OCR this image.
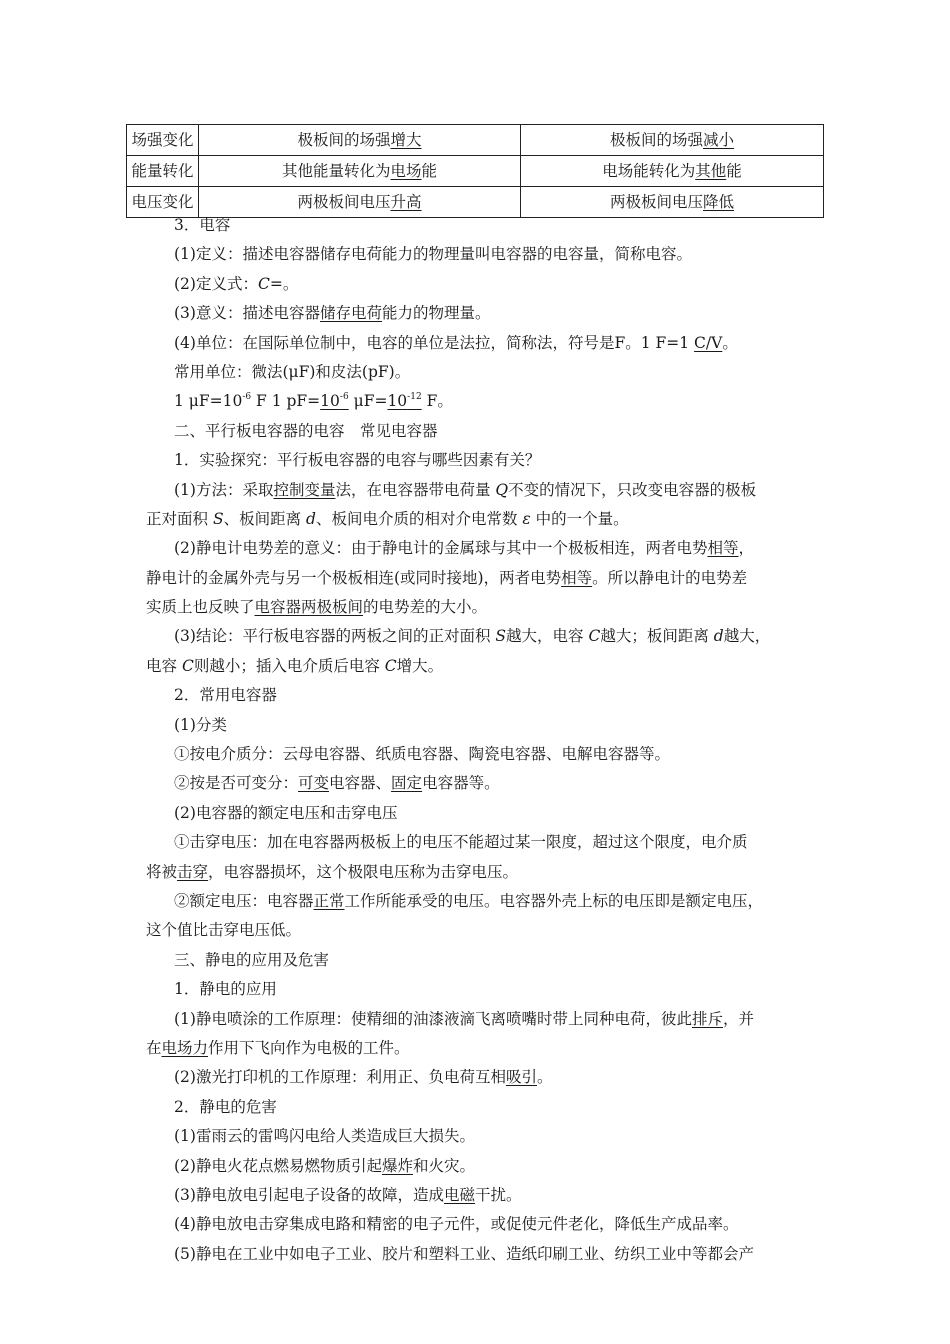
场强变化	极板间的场强增大	极板间的场强减小
能量转化	其他能量转化为电场能	电场能转化为其他能
电压变化	两极板间电压升高	两极板间电压降低
3．电容
(1)定义：描述电容器储存电荷能力的物理量叫电容器的电容量，简称电容。
(2)定义式：C=。
(3)意义：描述电容器储存电荷能力的物理量。
(4)单位：在国际单位制中，电容的单位是法拉，简称法，符号是F。1 F=1 C/V。
常用单位：微法(μF)和皮法(pF)。
1 $\mu F=10^{-6}$ F 1 $pF=10^{-6}$ $\mu F=10^{-12}$ F。
二、平行板电容器的电容　常见电容器
1．实验探究：平行板电容器的电容与哪些因素有关？
(1)方法：采取控制变量法，在电容器带电荷量 Q不变的情况下，只改变电容器的极板
正对面积 S、板间距离 d、板间电介质的相对介电常数 ε 中的一个量。
(2)静电计电势差的意义：由于静电计的金属球与其中一个极板相连，两者电势相等，
静电计的金属外壳与另一个极板相连(或同时接地)，两者电势相等。所以静电计的电势差
实质上也反映了电容器两极板间的电势差的大小。
(3)结论：平行板电容器的两板之间的正对面积 S越大，电容 C越大；板间距离 d越大，
电容 C则越小；插入电介质后电容 C增大。
2．常用电容器
(1)分类
①按电介质分：云母电容器、纸质电容器、陶瓷电容器、电解电容器等。
②按是否可变分：可变电容器、固定电容器等。
(2)电容器的额定电压和击穿电压
①击穿电压：加在电容器两极板上的电压不能超过某一限度，超过这个限度，电介质
将被击穿，电容器损坏，这个极限电压称为击穿电压。
②额定电压：电容器正常工作所能承受的电压。电容器外壳上标的电压即是额定电压，
这个值比击穿电压低。
三、静电的应用及危害
1．静电的应用
(1)静电喷涂的工作原理：使精细的油漆液滴飞离喷嘴时带上同种电荷，彼此排斥，并
在电场力作用下飞向作为电极的工件。
(2)激光打印机的工作原理：利用正、负电荷互相吸引。
2．静电的危害
(1)雷雨云的雷鸣闪电给人类造成巨大损失。
(2)静电火花点燃易燃物质引起爆炸和火灾。
(3)静电放电引起电子设备的故障，造成电磁干扰。
(4)静电放电击穿集成电路和精密的电子元件，或促使元件老化，降低生产成品率。
(5)静电在工业中如电子工业、胶片和塑料工业、造纸印刷工业、纺织工业中等都会产
